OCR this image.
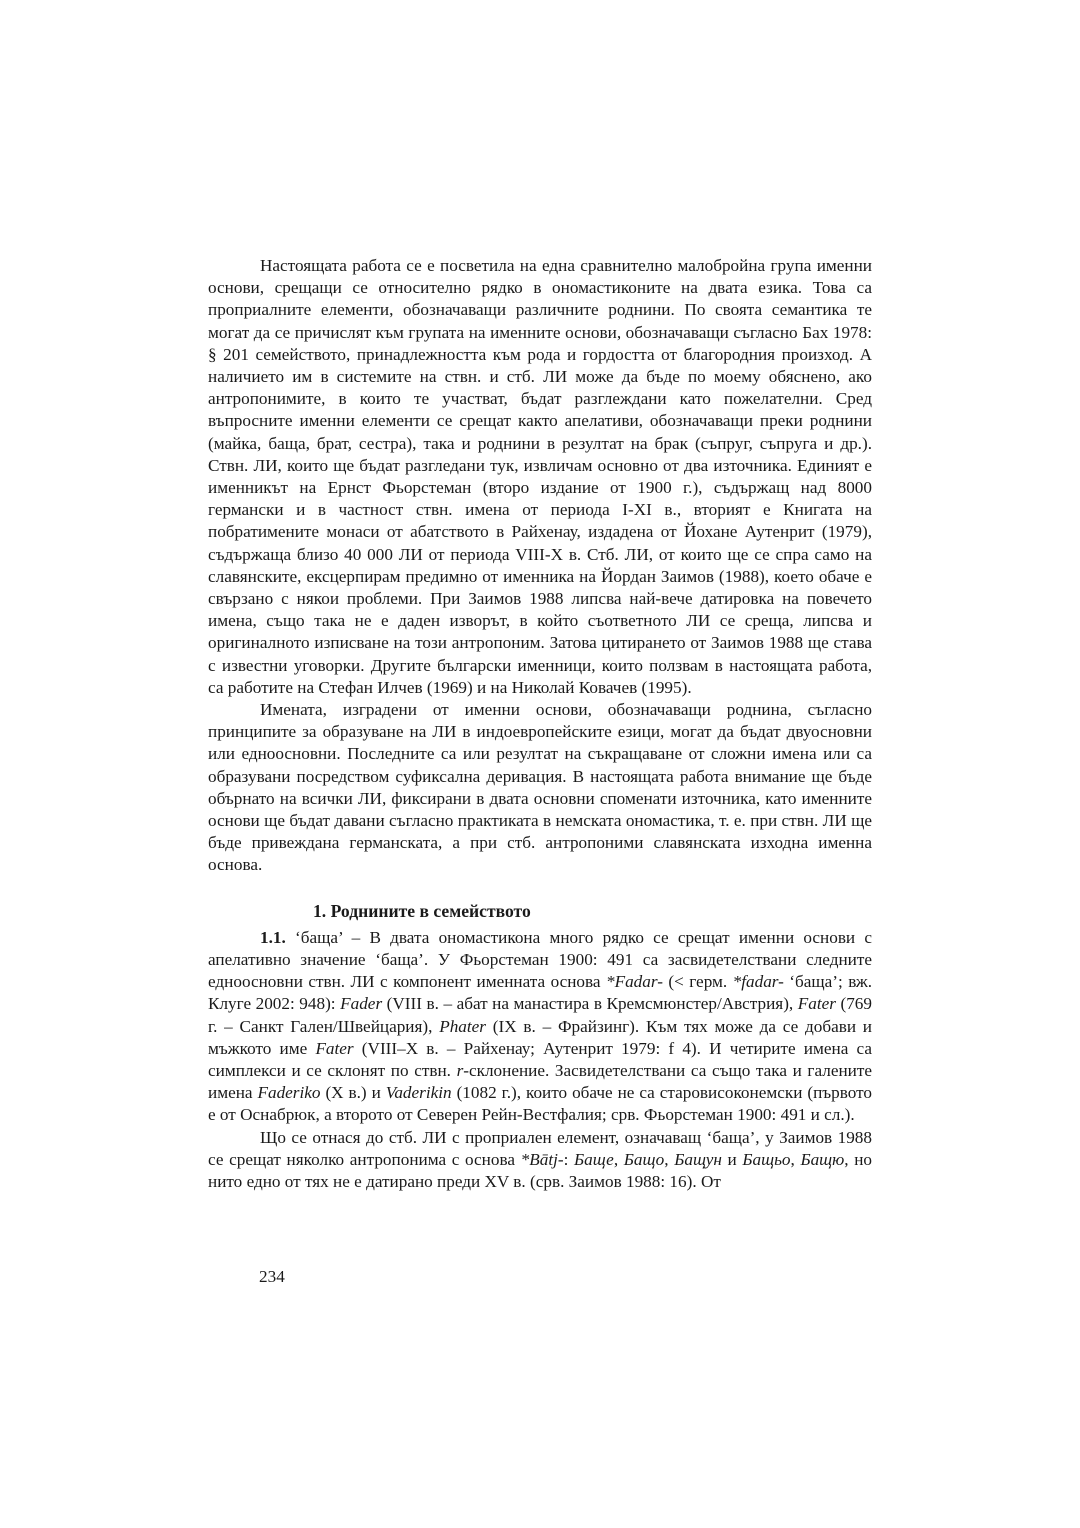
Настоящата работа се е посветила на една сравнително малобройна група именни основи, срещащи се относително рядко в ономастиконите на двата езика. Това са проприалните елементи, обозначаващи различните роднини. По своята семантика те могат да се причислят към групата на именните основи, обозначаващи съгласно Бах 1978: § 201 семейството, принадлежността към рода и гордостта от благородния произход. А наличието им в системите на ствн. и стб. ЛИ може да бъде по моему обяснено, ако антропонимите, в които те участват, бъдат разглеждани като пожелателни. Сред въпросните именни елементи се срещат както апелативи, обозначаващи преки роднини (майка, баща, брат, сестра), така и роднини в резултат на брак (съпруг, съпруга и др.). Ствн. ЛИ, които ще бъдат разгледани тук, извличам основно от два източника. Единият е именникът на Ернст Фьорстеман (второ издание от 1900 г.), съдържащ над 8000 германски и в частност ствн. имена от периода I-XI в., вторият е Книгата на побратимените монаси от абатството в Райхенау, издадена от Йохане Аутенрит (1979), съдържаща близо 40 000 ЛИ от периода VIII-X в. Стб. ЛИ, от които ще се спра само на славянските, ексцерпирам предимно от именника на Йордан Заимов (1988), което обаче е свързано с някои проблеми. При Заимов 1988 липсва най-вече датировка на повечето имена, също така не е даден изворът, в който съответното ЛИ се среща, липсва и оригиналното изписване на този антропоним. Затова цитирането от Заимов 1988 ще става с известни уговорки. Другите български именници, които ползвам в настоящата работа, са работите на Стефан Илчев (1969) и на Николай Ковачев (1995).

Имената, изградени от именни основи, обозначаващи роднина, съгласно принципите за образуване на ЛИ в индоевропейските езици, могат да бъдат двуосновни или едноосновни. Последните са или резултат на съкращаване от сложни имена или са образувани посредством суфиксална деривация. В настоящата работа внимание ще бъде обърнато на всички ЛИ, фиксирани в двата основни споменати източника, като именните основи ще бъдат давани съгласно практиката в немската ономастика, т. е. при ствн. ЛИ ще бъде привеждана германската, а при стб. антропоними славянската изходна именна основа.

1. Роднините в семейството

1.1. ‘баща’ – В двата ономастикона много рядко се срещат именни основи с апелативно значение ‘баща’. У Фьорстеман 1900: 491 са засвидетелствани следните едноосновни ствн. ЛИ с компонент именната основа *Fadar- (< герм. *fadar- ‘баща’; вж. Клуге 2002: 948): Fader (VIII в. – абат на манастира в Кремсмюнстер/Австрия), Fater (769 г. – Санкт Гален/Швейцария), Phater (IX в. – Фрайзинг). Към тях може да се добави и мъжкото име Fater (VIII–X в. – Райхенау; Аутенрит 1979: f 4). И четирите имена са симплекси и се склонят по ствн. r-склонение. Засвидетелствани са също така и галените имена Faderiko (X в.) и Vaderikin (1082 г.), които обаче не са старовисоконемски (първото е от Оснабрюк, а второто от Северен Рейн-Вестфалия; срв. Фьорстеман 1900: 491 и сл.).

Що се отнася до стб. ЛИ с проприален елемент, означаващ ‘баща’, у Заимов 1988 се срещат няколко антропонима с основа *Bātj-: Баще, Бащо, Бащун и Бащьо, Бащю, но нито едно от тях не е датирано преди XV в. (срв. Заимов 1988: 16). От

234
